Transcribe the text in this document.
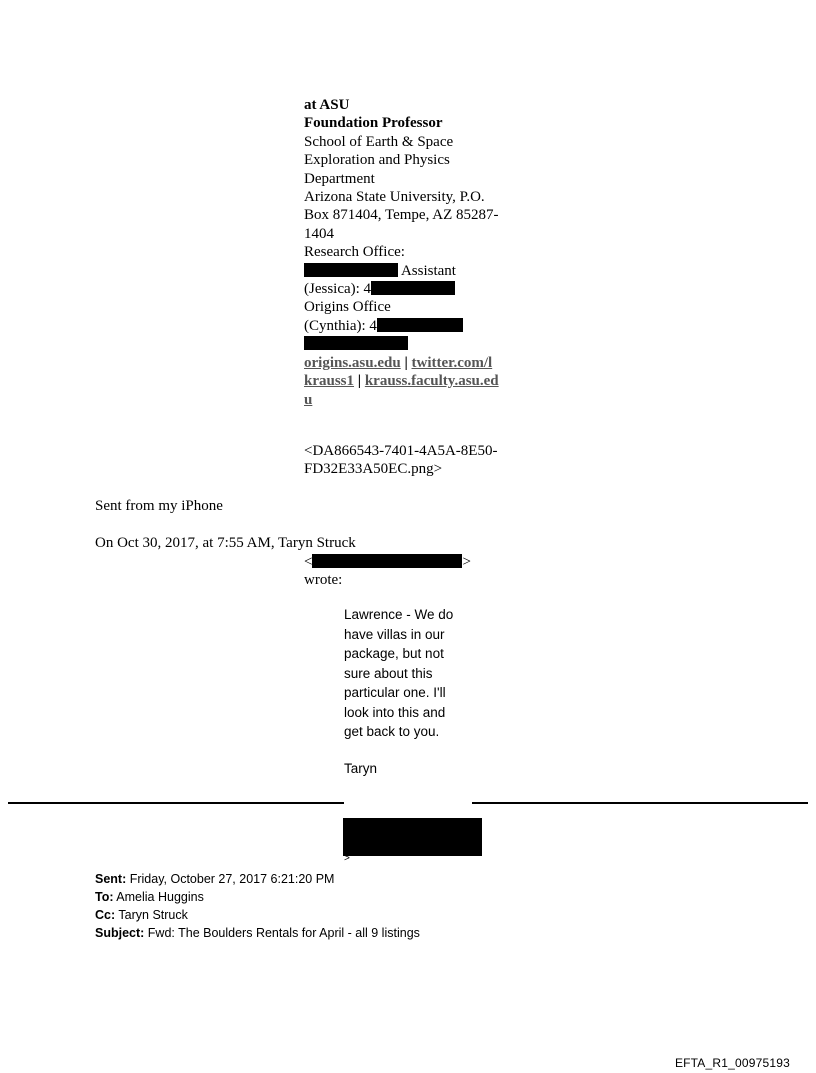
at ASU
Foundation Professor
School of Earth & Space
Exploration and Physics
Department
Arizona State University, P.O.
Box 871404, Tempe, AZ 85287-
1404
Research Office:
Assistant
(Jessica): 4
Origins Office
(Cynthia): 4
origins.asu.edu | twitter.com/l
krauss1 | krauss.faculty.asu.ed
u
<DA866543-7401-4A5A-8E50-
FD32E33A50EC.png>
Sent from my iPhone
On Oct 30, 2017, at 7:55 AM, Taryn Struck
<	>
wrote:
Lawrence - We do
have villas in our
package, but not
sure about this
particular one. I'll
look into this and
get back to you.
Taryn
>
Sent: Friday, October 27, 2017 6:21:20 PM
To: Amelia Huggins
Cc: Taryn Struck
Subject: Fwd: The Boulders Rentals for April - all 9 listings
EFTA_R1_00975193
